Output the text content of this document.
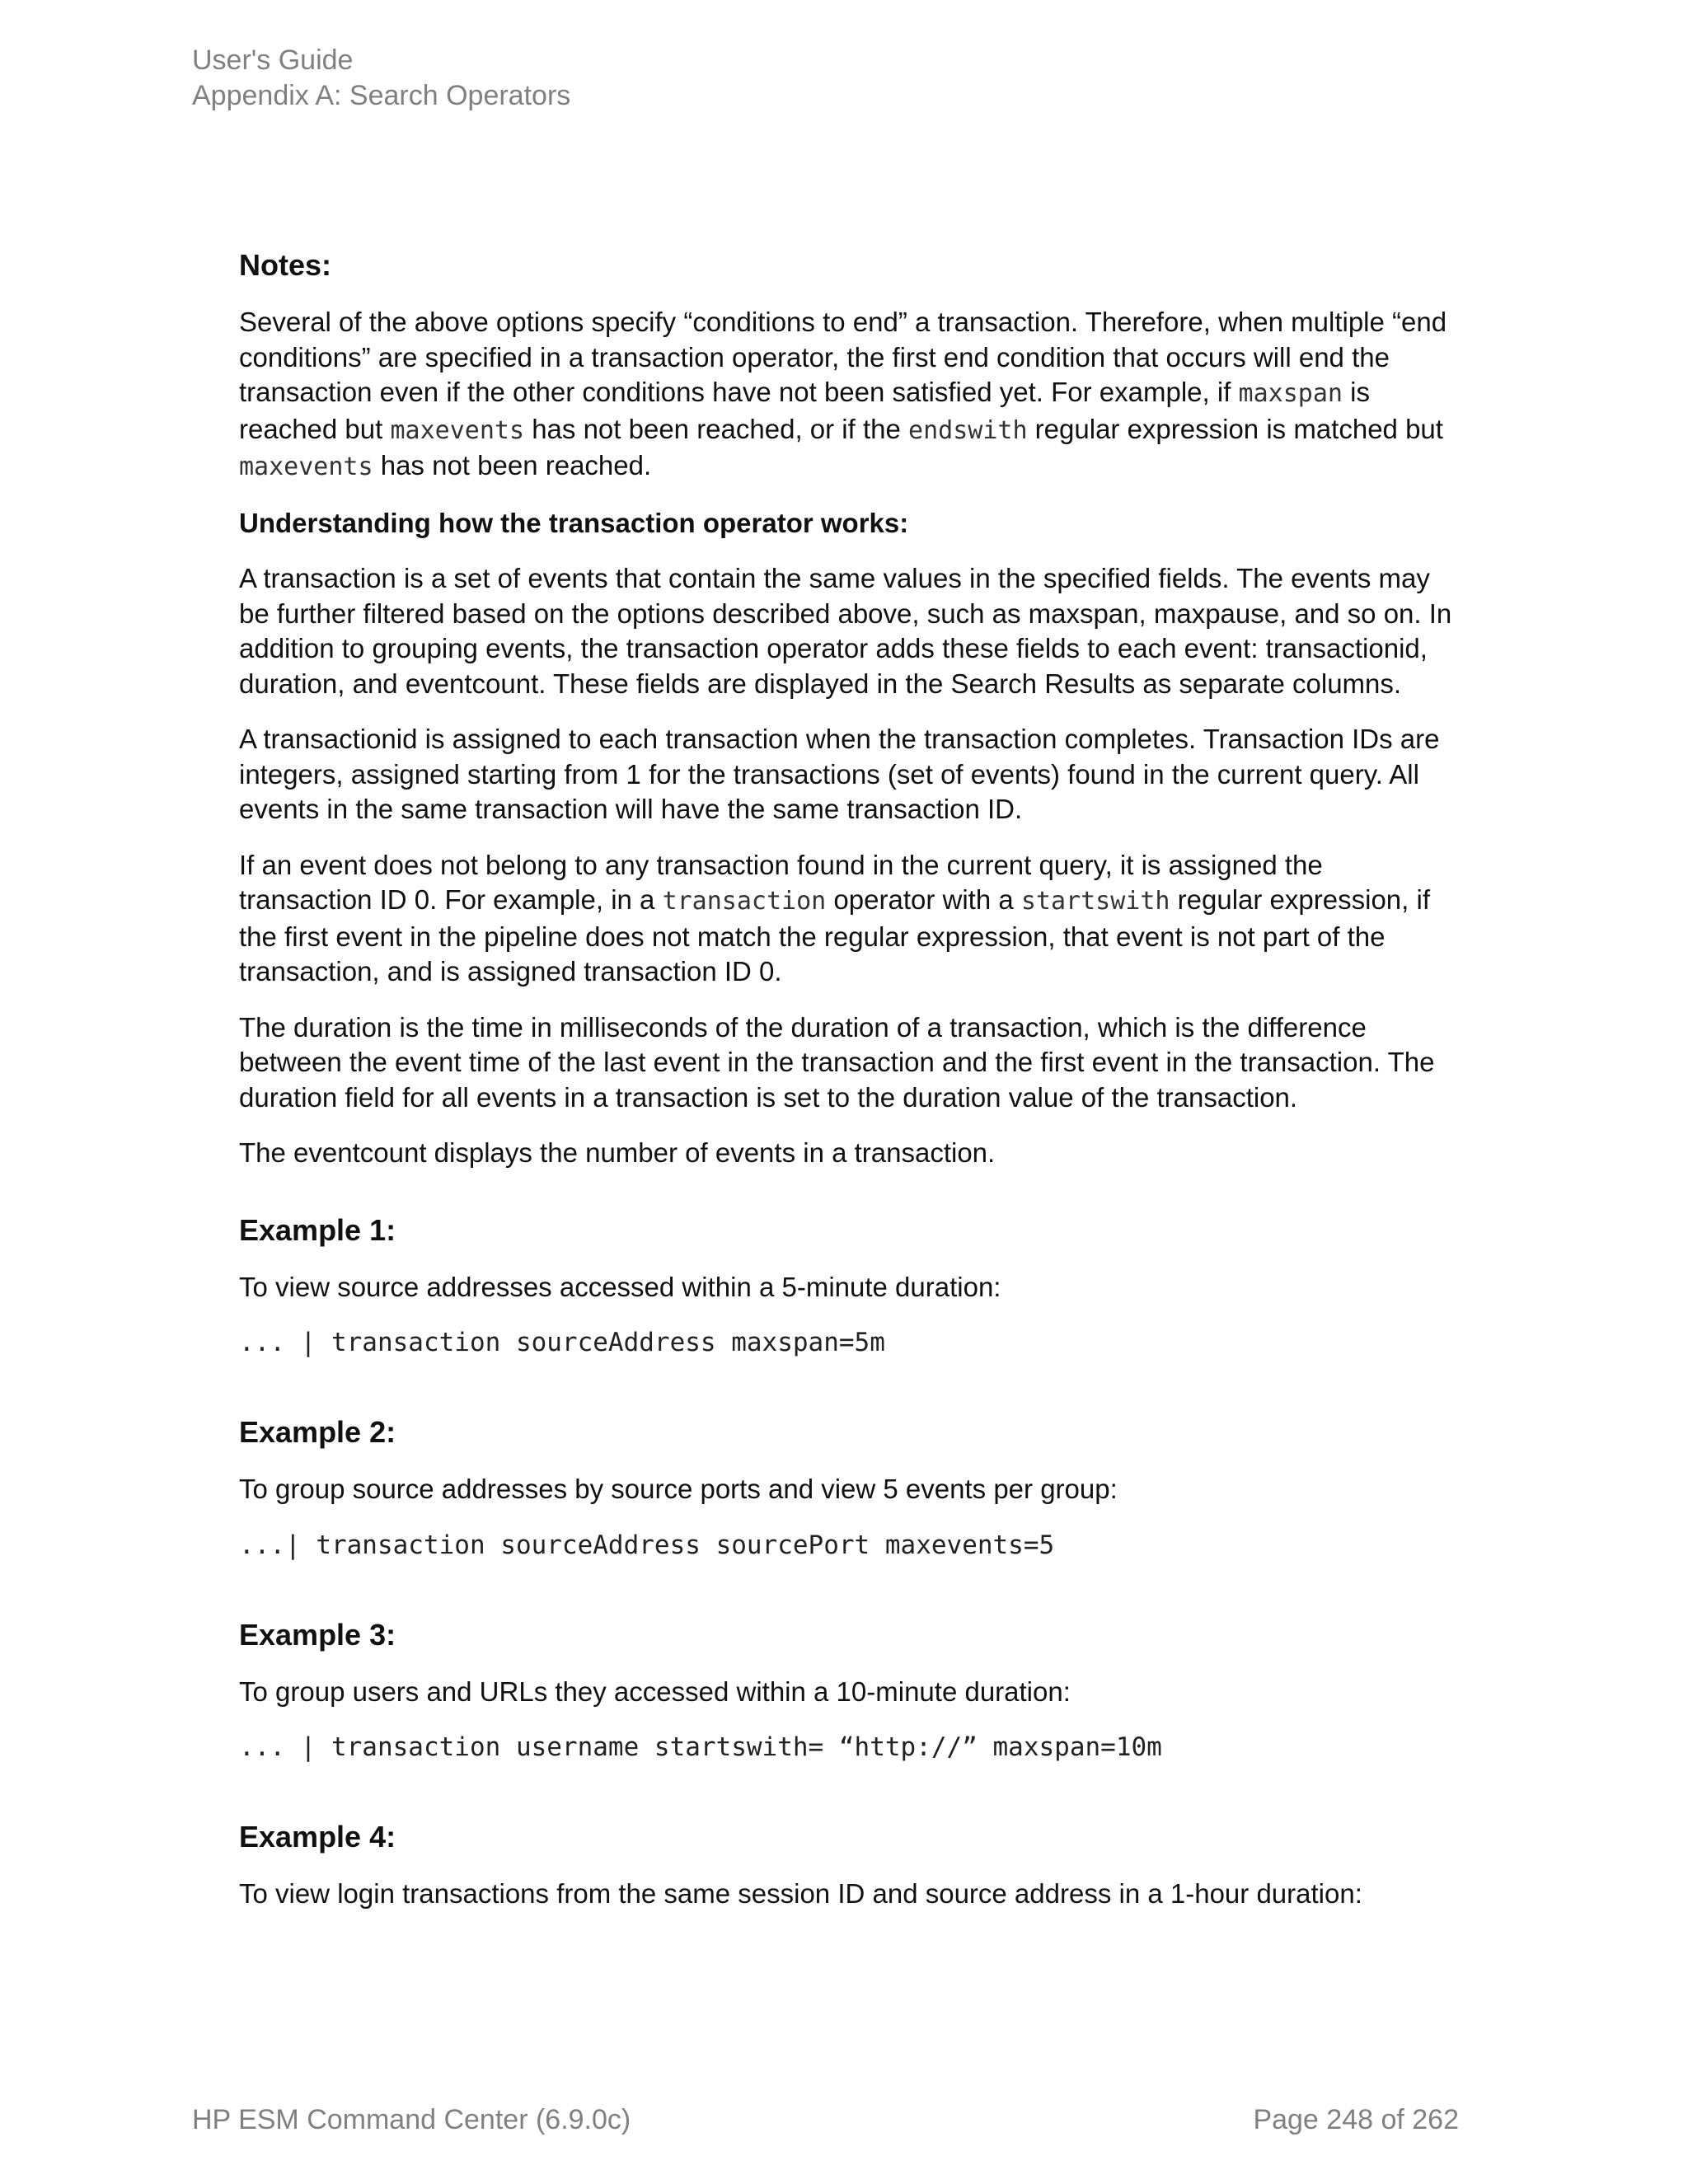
User's Guide
Appendix A: Search Operators
Notes:

Several of the above options specify “conditions to end” a transaction. Therefore, when multiple “end conditions” are specified in a transaction operator, the first end condition that occurs will end the transaction even if the other conditions have not been satisfied yet. For example, if maxspan is reached but maxevents has not been reached, or if the endswith regular expression is matched but maxevents has not been reached.

Understanding how the transaction operator works:

A transaction is a set of events that contain the same values in the specified fields. The events may be further filtered based on the options described above, such as maxspan, maxpause, and so on. In addition to grouping events, the transaction operator adds these fields to each event: transactionid, duration, and eventcount. These fields are displayed in the Search Results as separate columns.

A transactionid is assigned to each transaction when the transaction completes. Transaction IDs are integers, assigned starting from 1 for the transactions (set of events) found in the current query. All events in the same transaction will have the same transaction ID.

If an event does not belong to any transaction found in the current query, it is assigned the transaction ID 0. For example, in a transaction operator with a startswith regular expression, if the first event in the pipeline does not match the regular expression, that event is not part of the transaction, and is assigned transaction ID 0.

The duration is the time in milliseconds of the duration of a transaction, which is the difference between the event time of the last event in the transaction and the first event in the transaction. The duration field for all events in a transaction is set to the duration value of the transaction.

The eventcount displays the number of events in a transaction.

Example 1:

To view source addresses accessed within a 5-minute duration:

... | transaction sourceAddress maxspan=5m
Example 2:

To group source addresses by source ports and view 5 events per group:

...| transaction sourceAddress sourcePort maxevents=5
Example 3:

To group users and URLs they accessed within a 10-minute duration:

... | transaction username startswith= “http://” maxspan=10m
Example 4:

To view login transactions from the same session ID and source address in a 1-hour duration:

HP ESM Command Center (6.9.0c)	Page 248 of 262
